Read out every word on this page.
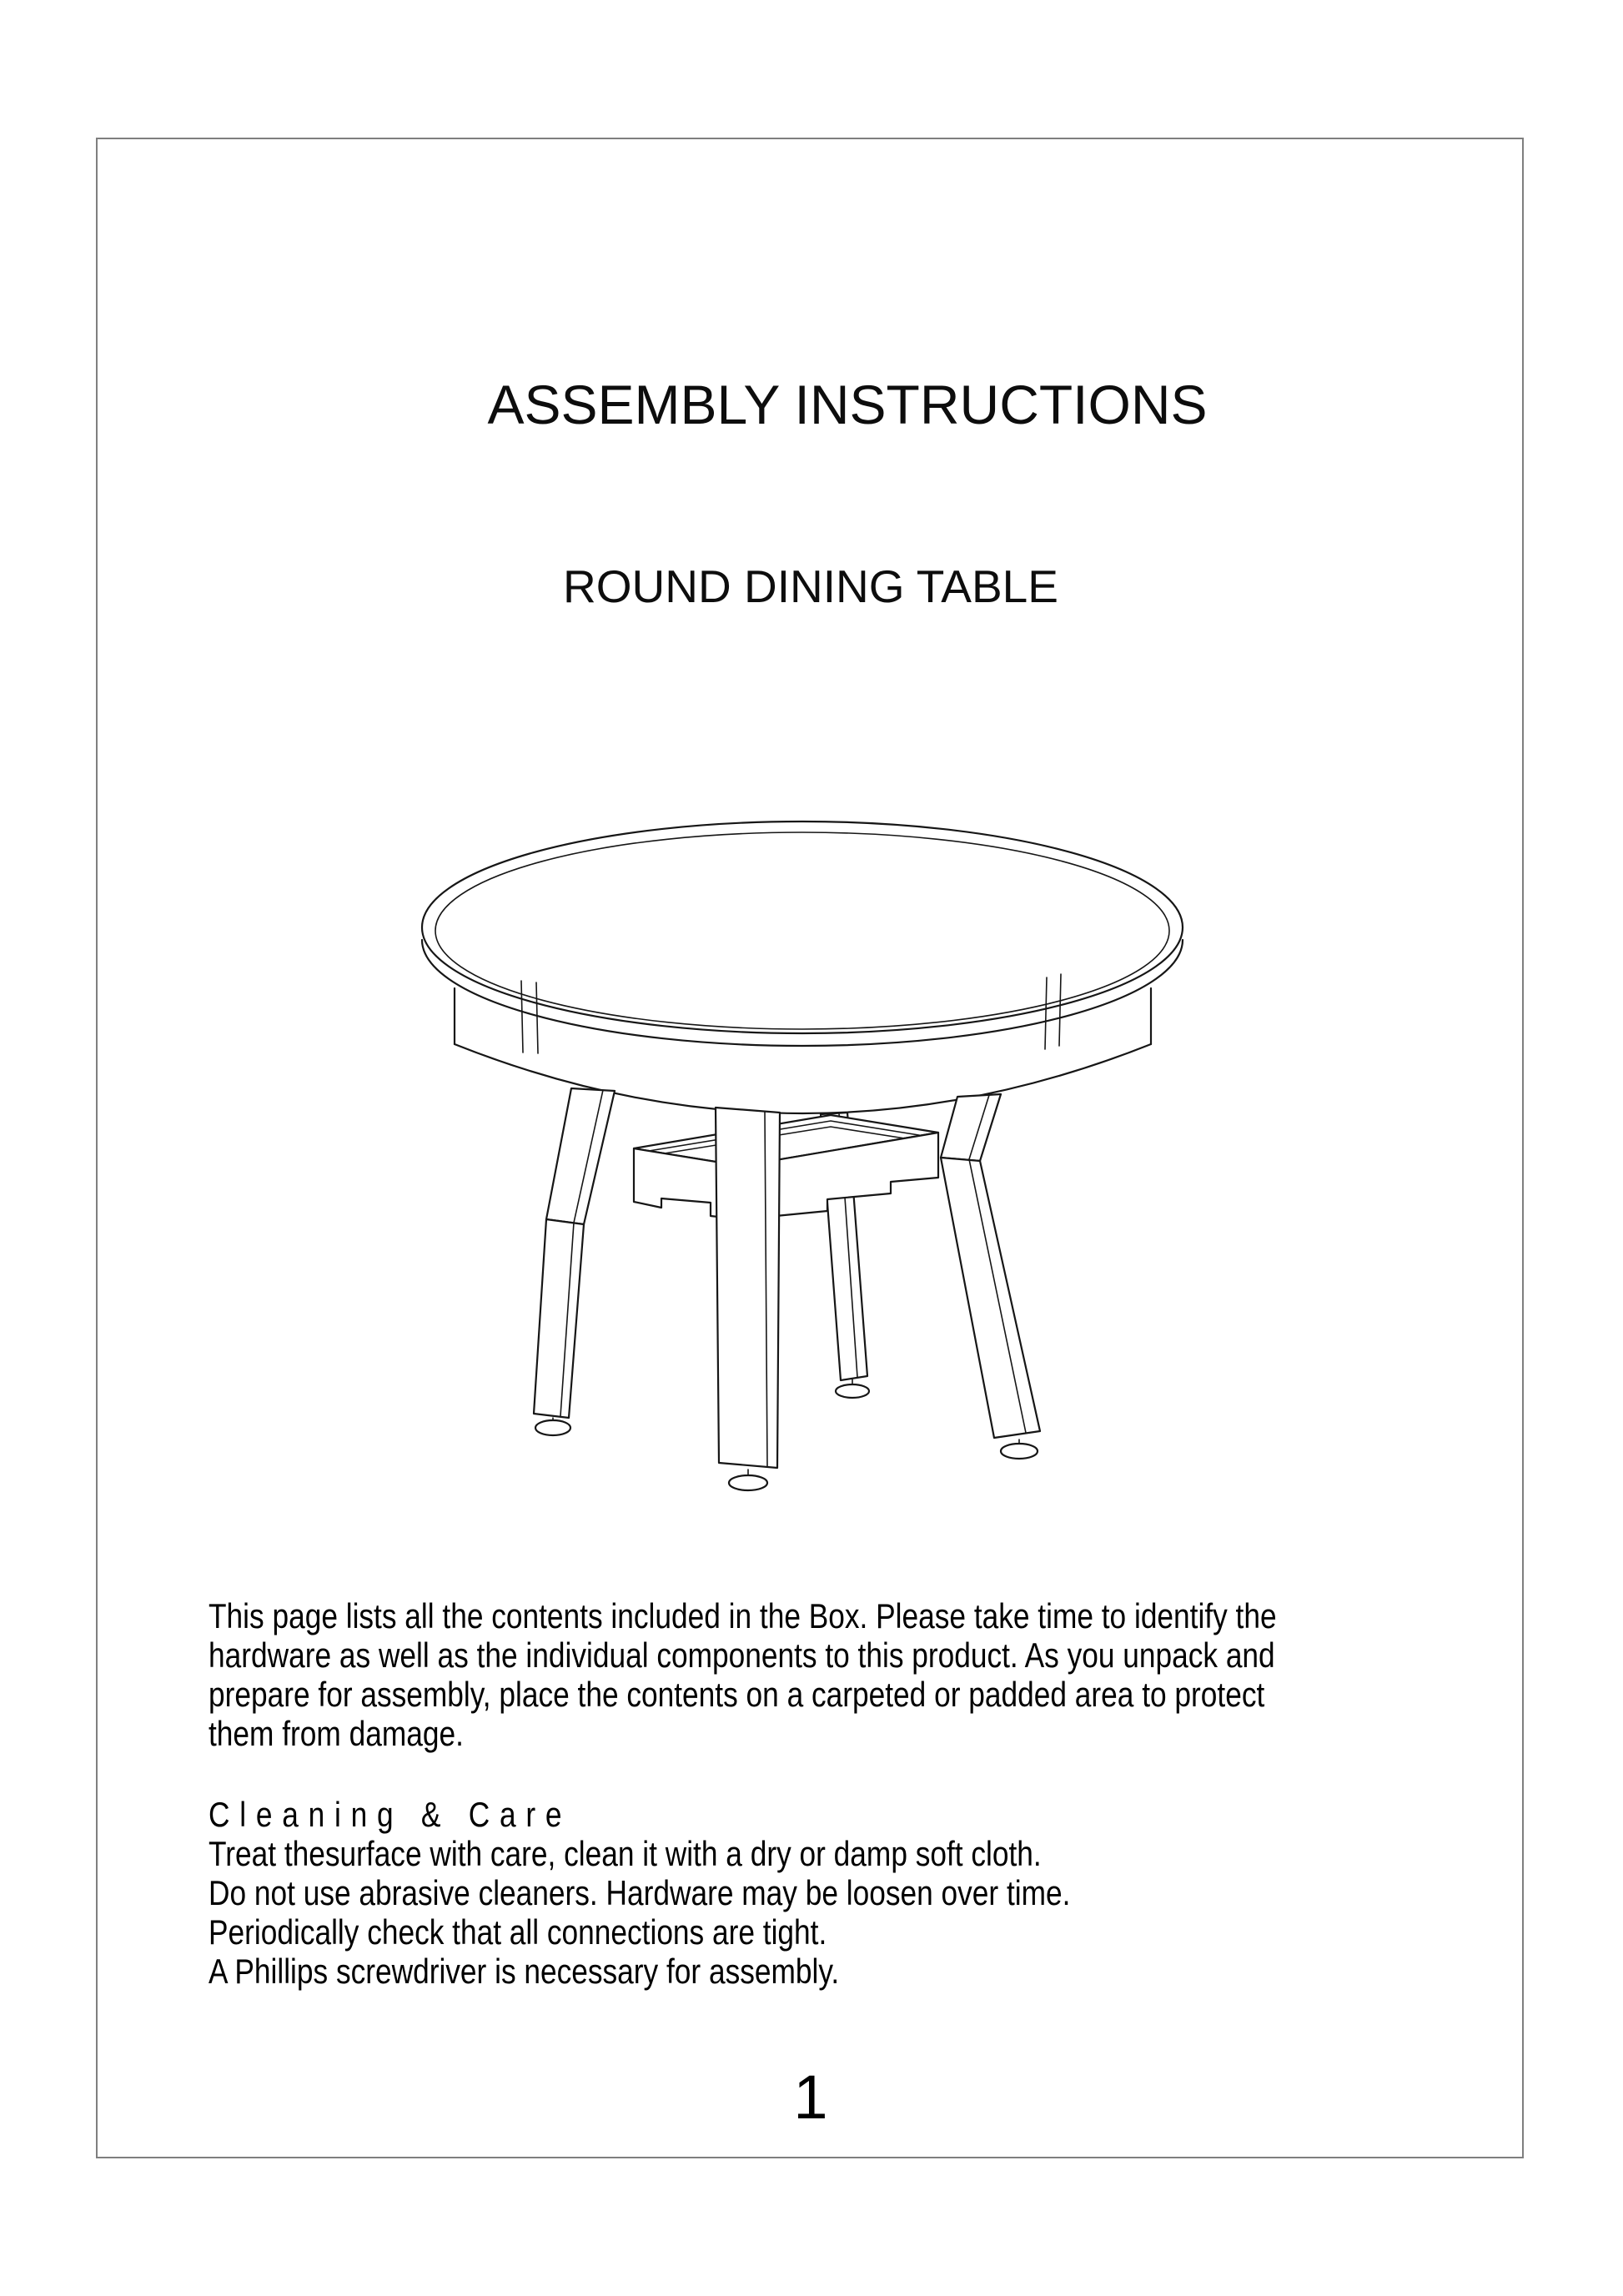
ASSEMBLY INSTRUCTIONS
ROUND DINING TABLE
This page lists all the contents included in the Box. Please take time to identify the
hardware as well as the individual components to this product. As you unpack and
prepare for assembly, place the contents on a carpeted or padded area to protect
them from damage.
Cleaning & Care
Treat thesurface with care, clean it with a dry or damp soft cloth.
Do not use abrasive cleaners. Hardware may be loosen over time.
Periodically check that all connections are tight.
A Phillips screwdriver is necessary for assembly.
1
